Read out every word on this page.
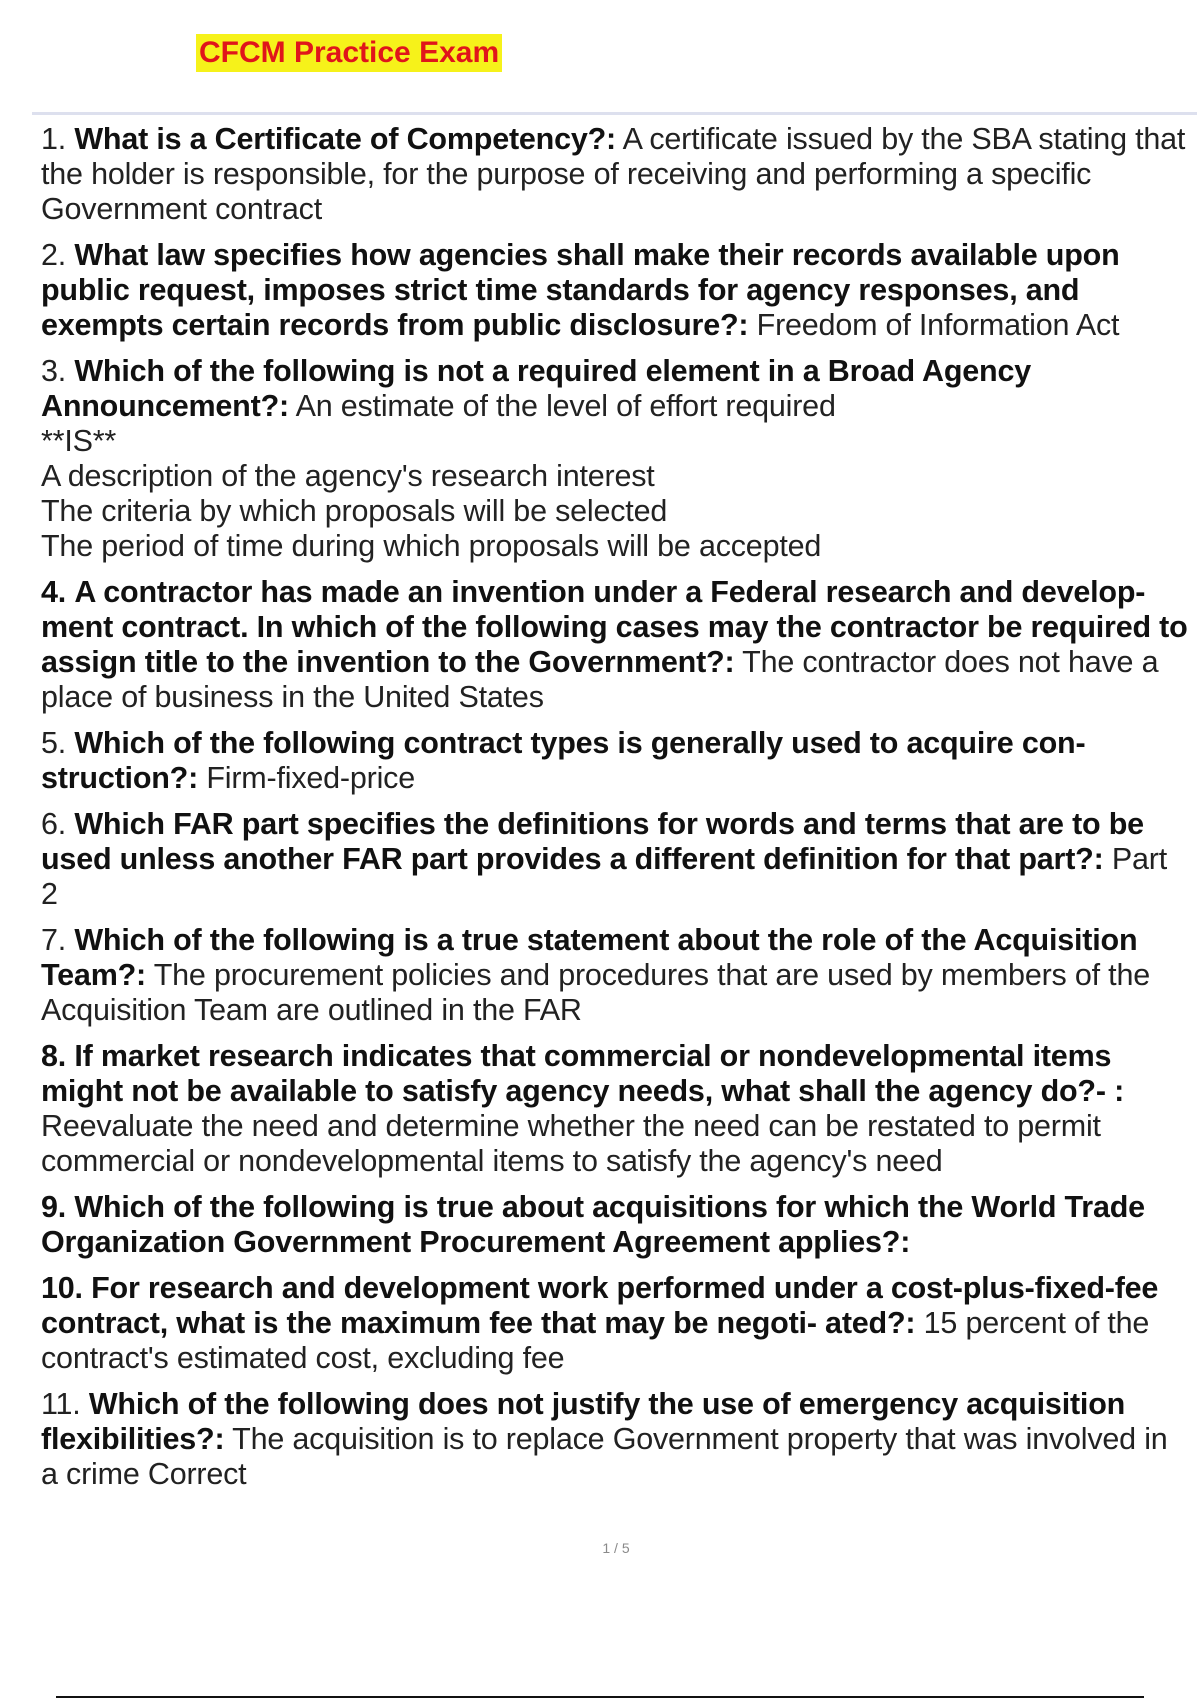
CFCM Practice Exam
1. What is a Certificate of Competency?: A certificate issued by the SBA stating that the holder is responsible, for the purpose of receiving and performing a specific Government contract
2. What law specifies how agencies shall make their records available upon public request, imposes strict time standards for agency responses, and exempts certain records from public disclosure?: Freedom of Information Act
3. Which of the following is not a required element in a Broad Agency Announcement?: An estimate of the level of effort required
**IS**
A description of the agency's research interest
The criteria by which proposals will be selected
The period of time during which proposals will be accepted
4. A contractor has made an invention under a Federal research and develop- ment contract. In which of the following cases may the contractor be required to assign title to the invention to the Government?: The contractor does not have a place of business in the United States
5. Which of the following contract types is generally used to acquire con- struction?: Firm-fixed-price
6. Which FAR part specifies the definitions for words and terms that are to be used unless another FAR part provides a different definition for that part?: Part 2
7. Which of the following is a true statement about the role of the Acquisition Team?: The procurement policies and procedures that are used by members of the Acquisition Team are outlined in the FAR
8. If market research indicates that commercial or nondevelopmental items might not be available to satisfy agency needs, what shall the agency do?- : Reevaluate the need and determine whether the need can be restated to permit commercial or nondevelopmental items to satisfy the agency's need
9. Which of the following is true about acquisitions for which the World Trade Organization Government Procurement Agreement applies?:
10. For research and development work performed under a cost-plus-fixed-fee contract, what is the maximum fee that may be negoti- ated?: 15 percent of the contract's estimated cost, excluding fee
11. Which of the following does not justify the use of emergency acquisition flexibilities?: The acquisition is to replace Government property that was involved in a crime Correct
1 / 5
